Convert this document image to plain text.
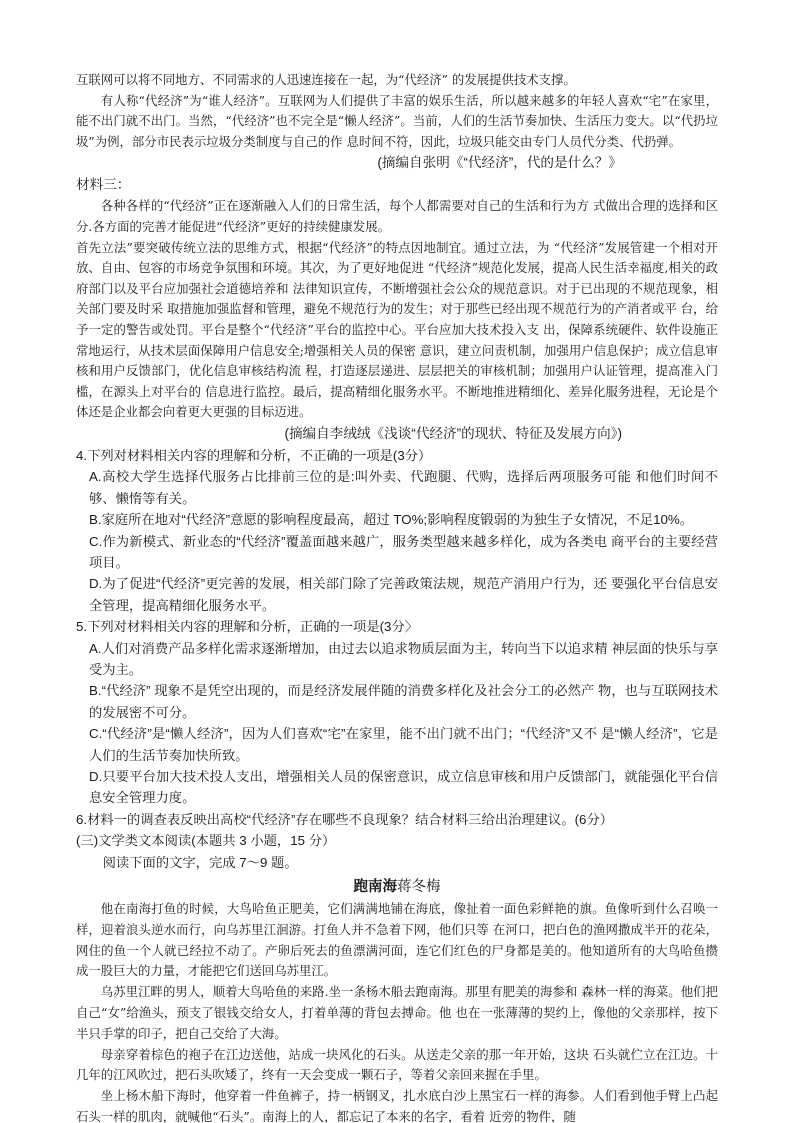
互联网可以将不同地方、不同需求的人迅速连接在一起，为“代经济” 的发展提供技术支撑。

有人称“代经济”为“谁人经济”。互联网为人们提供了丰富的娱乐生活，所以越来越多的年轻人喜欢“宅”在家里，能不出门就不出门。当然，“代经济”也不完全是“懒人经济”。当前，人们的生活节奏加快、生活压力变大。以“代扔垃圾”为例，部分市民表示垃圾分类制度与自己的作 息时间不符，因此，垃圾只能交由专门人员代分类、代扔弹。

(摘编自张明《“代经济”，代的是什么？》

材料三：

各种各样的“代经济”正在逐渐融入人们的日常生活，每个人都需要对自己的生活和行为方 式做出合理的选择和区分.各方面的完善才能促进“代经济”更好的持续健康发展。

首先立法”要突破传统立法的思维方式，根据“代经济”的特点因地制宜。通过立法，为 “代经济”发展管建一个相对开放、自由、包容的市场竞争氛围和环境。其次，为了更好地促进 “代经济”规范化发展，提高人民生活幸福度,相关的政府部门以及平台应加强社会道德培养和 法律知识宣传，不断增强社会公众的规范意识。对于已出现的不规范现象，相关部门要及时采 取措施加强监督和管理，避免不规范行为的发生；对于那些已经出现不规范行为的产消者或平 台，给予一定的警告或处罚。平台是整个“代经济”平台的监控中心。平台应加大技术投入支 出，保障系统硬件、软件设施正常地运行，从技术层面保障用户信息安全;增强相关人员的保密 意识，建立问责机制，加强用户信息保护；成立信息审核和用户反馈部门，优化信息审核结构流 程，打造逐层递进、层层把关的审核机制；加强用户认证管理，提高准入门槛，在源头上对平台的 信息进行监控。最后，提高精细化服务水平。不断地推进精细化、差异化服务进程，无论是个体还是企业都会向着更大更强的目标迈进。

(摘编自李绒绒《浅谈“代经济”的现状、特征及发展方向》)

4.下列对材料相关内容的理解和分析，不正确的一项是(3分）

A.高校大学生选择代服务占比排前三位的是:叫外卖、代跑腿、代购，选择后两项服务可能 和他们时间不够、懒惰等有关。

B.家庭所在地对“代经济”意愿的影响程度最高，超过 TO%;影响程度锻弱的为独生子女情况，不足10%。

C.作为新模式、新业态的“代经济”覆盖面越来越广，服务类型越来越多样化，成为各类电 商平台的主要经营项目。

D.为了促进“代经济”更完善的发展，相关部门除了完善政策法规，规范产消用户行为，还 要强化平台信息安全管理，提高精细化服务水平。

5.下列对材料相关内容的理解和分析，正确的一项是(3分〉

A.人们对消费产品多样化需求逐渐增加，由过去以追求物质层面为主，转向当下以追求精 神层面的快乐与享受为主。

B.“代经济” 现象不是凭空出现的，而是经济发展伴随的消费多样化及社会分工的必然产 物，也与互联网技术的发展密不可分。

C.“代经济”是“懒人经济”，因为人们喜欢“宅”在家里，能不出门就不出门；“代经济”又不 是“懒人经济”，它是人们的生活节奏加快所致。

D.只要平台加大技术投人支出，增强相关人员的保密意识，成立信息审核和用户反馈部门，就能强化平台信息安全管理力度。

6.材料一的调查表反映出高校“代经济”存在哪些不良现象？结合材料三给出治理建议。(6分）

(三)文学类文本阅读(本题共 3 小题，15 分）

阅读下面的文字，完成 7～9 题。

跑南海蒋冬梅

他在南海打鱼的时候，大鸟哈鱼正肥美，它们满满地铺在海底，像扯着一面色彩鲜艳的旗。鱼像听到什么召唤一样，迎着浪头逆水而行，向乌苏里江洄游。打鱼人并不急着下网，他们只等 在河口，把白色的渔网撒成半开的花朵，网住的鱼一个人就已经拉不动了。产卵后死去的鱼漂满河面，连它们红色的尸身都是美的。他知道所有的大鸟哈鱼攒成一股巨大的力量，才能把它们送回乌苏里江。

乌苏里江畔的男人，顺着大鸟哈鱼的来路.坐一条杨木船去跑南海。那里有肥美的海参和 森林一样的海菜。他们把自己“女”给渔头，预支了银钱交给女人，打着单薄的背包去搏命。他 也在一张薄薄的契约上，像他的父亲那样，按下半只手掌的印子，把自己交给了大海。

母亲穿着棕色的袍子在江边送他，站成一块风化的石头。从送走父亲的那一年开始，这块 石头就伫立在江边。十几年的江风吹过，把石头吹矮了，终有一天会变成一颗石子，等着父亲回来握在手里。

坐上杨木船下海时，他穿着一件鱼裤子，持一柄钢叉，扎水底白沙上黑宝石一样的海参。人们看到他手臂上凸起石头一样的肌肉，就喊他“石头”。南海上的人，都忘记了本来的名字，看着 近旁的物件，随
